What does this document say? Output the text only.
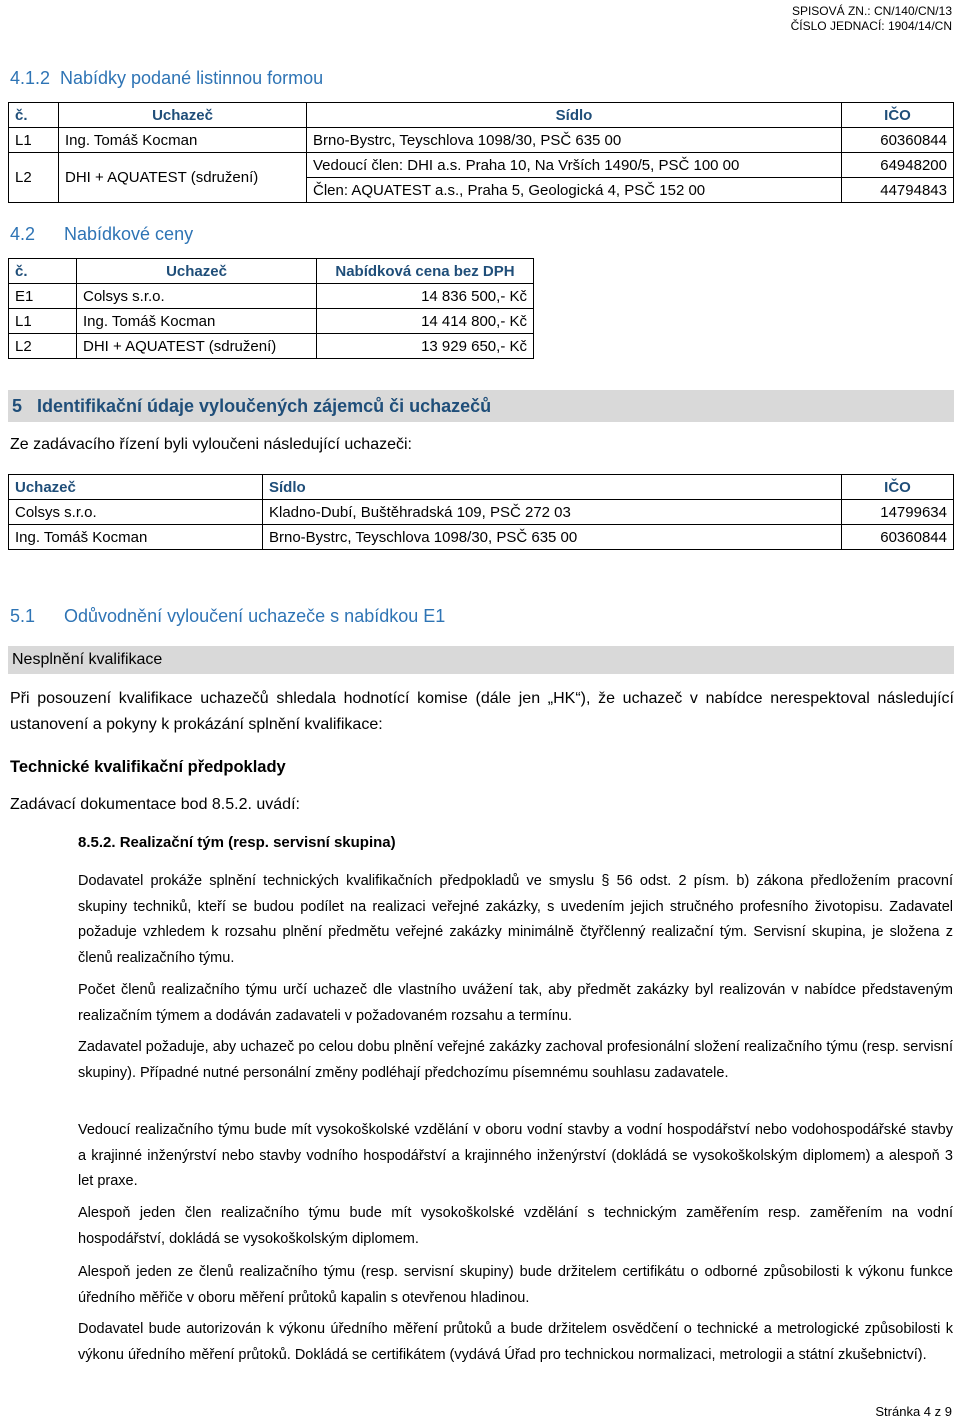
SPISOVÁ ZN.: CN/140/CN/13
ČÍSLO JEDNACÍ: 1904/14/CN
4.1.2 Nabídky podané listinnou formou
č.	Uchazeč	Sídlo	IČO
L1	Ing. Tomáš Kocman	Brno-Bystrc, Teyschlova 1098/30, PSČ 635 00	60360844
L2	DHI + AQUATEST (sdružení)	Vedoucí člen: DHI a.s. Praha 10, Na Vrších 1490/5, PSČ 100 00	64948200
		Člen: AQUATEST a.s., Praha 5, Geologická 4, PSČ 152 00	44794843
4.2 Nabídkové ceny
č.	Uchazeč	Nabídková cena bez DPH
E1	Colsys s.r.o.	14 836 500,- Kč
L1	Ing. Tomáš Kocman	14 414 800,- Kč
L2	DHI + AQUATEST (sdružení)	13 929 650,- Kč
5   Identifikační údaje vyloučených zájemců či uchazečů
Ze zadávacího řízení byli vyloučeni následující uchazeči:
Uchazeč	Sídlo	IČO
Colsys s.r.o.	Kladno-Dubí, Buštěhradská 109, PSČ 272 03	14799634
Ing. Tomáš Kocman	Brno-Bystrc, Teyschlova 1098/30, PSČ 635 00	60360844
5.1 Odůvodnění vyloučení uchazeče s nabídkou E1
Nesplnění kvalifikace
Při posouzení kvalifikace uchazečů shledala hodnotící komise (dále jen „HK“), že uchazeč v nabídce nerespektoval následující ustanovení a pokyny k prokázání splnění kvalifikace:
Technické kvalifikační předpoklady
Zadávací dokumentace bod 8.5.2. uvádí:
8.5.2. Realizační tým (resp. servisní skupina)
Dodavatel prokáže splnění technických kvalifikačních předpokladů ve smyslu § 56 odst. 2 písm. b) zákona předložením pracovní skupiny techniků, kteří se budou podílet na realizaci veřejné zakázky, s uvedením jejich stručného profesního životopisu. Zadavatel požaduje vzhledem k rozsahu plnění předmětu veřejné zakázky minimálně čtyřčlenný realizační tým. Servisní skupina, je složena z členů realizačního týmu.
Počet členů realizačního týmu určí uchazeč dle vlastního uvážení tak, aby předmět zakázky byl realizován v nabídce představeným realizačním týmem a dodáván zadavateli v požadovaném rozsahu a termínu.
Zadavatel požaduje, aby uchazeč po celou dobu plnění veřejné zakázky zachoval profesionální složení realizačního týmu (resp. servisní skupiny). Případné nutné personální změny podléhají předchozímu písemnému souhlasu zadavatele.
Vedoucí realizačního týmu bude mít vysokoškolské vzdělání v oboru vodní stavby a vodní hospodářství nebo vodohospodářské stavby a krajinné inženýrství nebo stavby vodního hospodářství a krajinného inženýrství (dokládá se vysokoškolským diplomem) a alespoň 3 let praxe.
Alespoň jeden člen realizačního týmu bude mít vysokoškolské vzdělání s technickým zaměřením resp. zaměřením na vodní hospodářství, dokládá se vysokoškolským diplomem.
Alespoň jeden ze členů realizačního týmu (resp. servisní skupiny) bude držitelem certifikátu o odborné způsobilosti k výkonu funkce úředního měřiče v oboru měření průtoků kapalin s otevřenou hladinou.
Dodavatel bude autorizován k výkonu úředního měření průtoků a bude držitelem osvědčení o technické a metrologické způsobilosti k výkonu úředního měření průtoků. Dokládá se certifikátem (vydává Úřad pro technickou normalizaci, metrologii a státní zkušebnictví).
Stránka 4 z 9
